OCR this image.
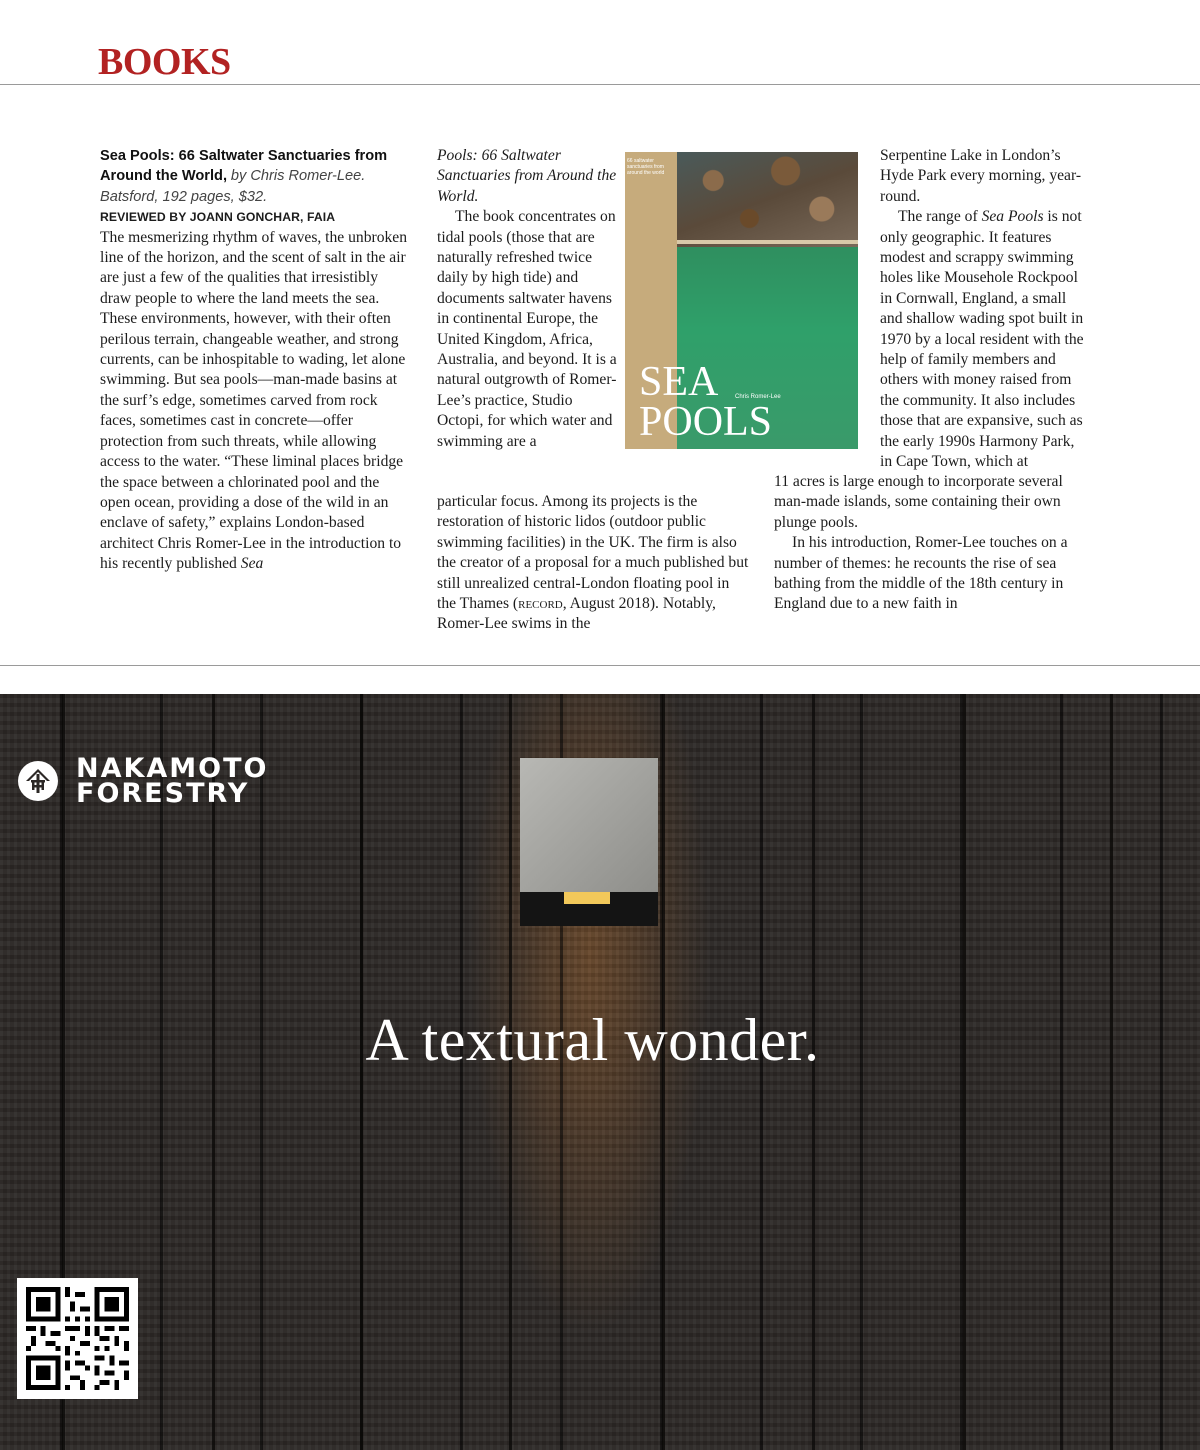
BOOKS

Sea Pools: 66 Saltwater Sanctuaries from Around the World, by Chris Romer-Lee. Batsford, 192 pages, $32.

REVIEWED BY JOANN GONCHAR, FAIA

The mesmerizing rhythm of waves, the unbroken line of the horizon, and the scent of salt in the air are just a few of the qualities that irresistibly draw people to where the land meets the sea. These environments, however, with their often perilous terrain, changeable weather, and strong currents, can be inhospitable to wading, let alone swimming. But sea pools—man-made basins at the surf’s edge, sometimes carved from rock faces, sometimes cast in concrete—offer protection from such threats, while allowing access to the water. “These liminal places bridge the space between a chlorinated pool and the open ocean, providing a dose of the wild in an enclave of safety,” explains London-based architect Chris Romer-Lee in the introduction to his recently published Sea

Pools: 66 Saltwater Sanctuaries from Around the World.

The book concentrates on tidal pools (those that are naturally refreshed twice daily by high tide) and documents saltwater havens in continental Europe, the United Kingdom, Africa, Australia, and beyond. It is a natural outgrowth of Romer-Lee’s practice, Studio Octopi, for which water and swimming are a

particular focus. Among its projects is the restoration of historic lidos (outdoor public swimming facilities) in the UK. The firm is also the creator of a proposal for a much published but still unrealized central-London floating pool in the Thames (record, August 2018). Notably, Romer-Lee swims in the

66 saltwater sanctuaries from around the world
SEA
POOLS
Chris Romer-Lee

Serpentine Lake in London’s Hyde Park every morning, year-round.

The range of Sea Pools is not only geographic. It features modest and scrappy swimming holes like Mousehole Rockpool in Cornwall, England, a small and shallow wading spot built in 1970 by a local resident with the help of family members and others with money raised from the community. It also includes those that are expansive, such as the early 1990s Harmony Park, in Cape Town, which at

11 acres is large enough to incorporate several man-made islands, some containing their own plunge pools.

In his introduction, Romer-Lee touches on a number of themes: he recounts the rise of sea bathing from the middle of the 18th century in England due to a new faith in

NAKAMOTO
FORESTRY
A textural wonder.
